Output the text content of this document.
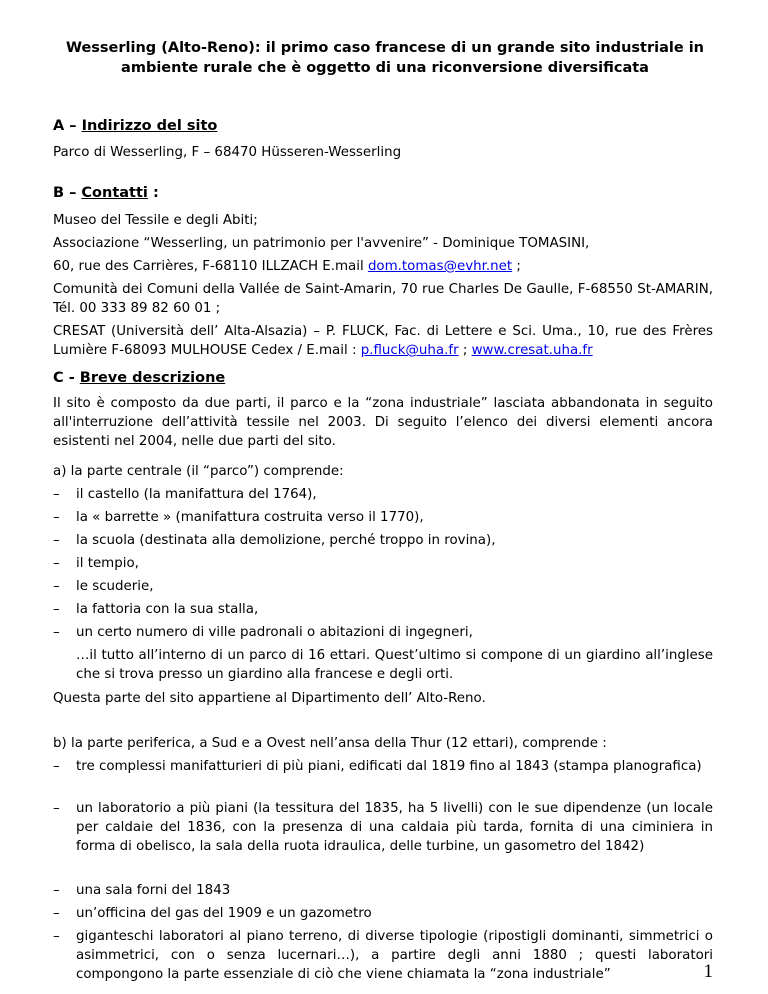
Wesserling (Alto-Reno): il primo caso francese di un grande sito industriale in ambiente rurale che è oggetto di una riconversione diversificata
A – Indirizzo del sito
Parco di Wesserling, F – 68470 Hüsseren-Wesserling
B – Contatti :
Museo del Tessile e degli Abiti;
Associazione “Wesserling, un patrimonio per l'avvenire” - Dominique TOMASINI,
60, rue des Carrières, F-68110 ILLZACH E.mail dom.tomas@evhr.net ;
Comunità dei Comuni della Vallée de Saint-Amarin, 70 rue Charles De Gaulle, F-68550 St-AMARIN, Tél. 00 333 89 82 60 01 ;
CRESAT (Università dell’ Alta-Alsazia) – P. FLUCK, Fac. di Lettere e Sci. Uma., 10, rue des Frères Lumière F-68093 MULHOUSE Cedex / E.mail : p.fluck@uha.fr ; www.cresat.uha.fr
C - Breve descrizione
Il sito è composto da due parti, il parco e la “zona industriale” lasciata abbandonata in seguito all'interruzione dell’attività tessile nel 2003. Di seguito l’elenco dei diversi elementi ancora esistenti nel 2004, nelle due parti del sito.
a) la parte centrale (il “parco”) comprende:
–	il castello (la manifattura del 1764),
–	la « barrette » (manifattura costruita verso il 1770),
–	la scuola (destinata alla demolizione, perché troppo in rovina),
–	il tempio,
–	le scuderie,
–	la fattoria con la sua stalla,
–	un certo numero di ville padronali o abitazioni di ingegneri,
…il tutto all’interno di un parco di 16 ettari. Quest’ultimo si compone di un giardino all’inglese che si trova presso un giardino alla francese e degli orti.
Questa parte del sito appartiene al Dipartimento dell’ Alto-Reno.
b) la parte periferica, a Sud e a Ovest nell’ansa della Thur (12 ettari), comprende :
–	tre complessi manifatturieri di più piani, edificati dal 1819 fino al 1843 (stampa planografica)
–	un laboratorio a più piani (la tessitura del 1835, ha 5 livelli) con le sue dipendenze (un locale per caldaie del 1836, con la presenza di una caldaia più tarda, fornita di una ciminiera in forma di obelisco, la sala della ruota idraulica, delle turbine, un gasometro del 1842)
–	una sala forni del 1843
–	un’officina del gas del 1909 e un gazometro
–	giganteschi laboratori al piano terreno, di diverse tipologie (ripostigli dominanti, simmetrici o asimmetrici, con o senza lucernari…), a partire degli anni 1880 ; questi laboratori compongono la parte essenziale di ciò che viene chiamata la “zona industriale”	1
